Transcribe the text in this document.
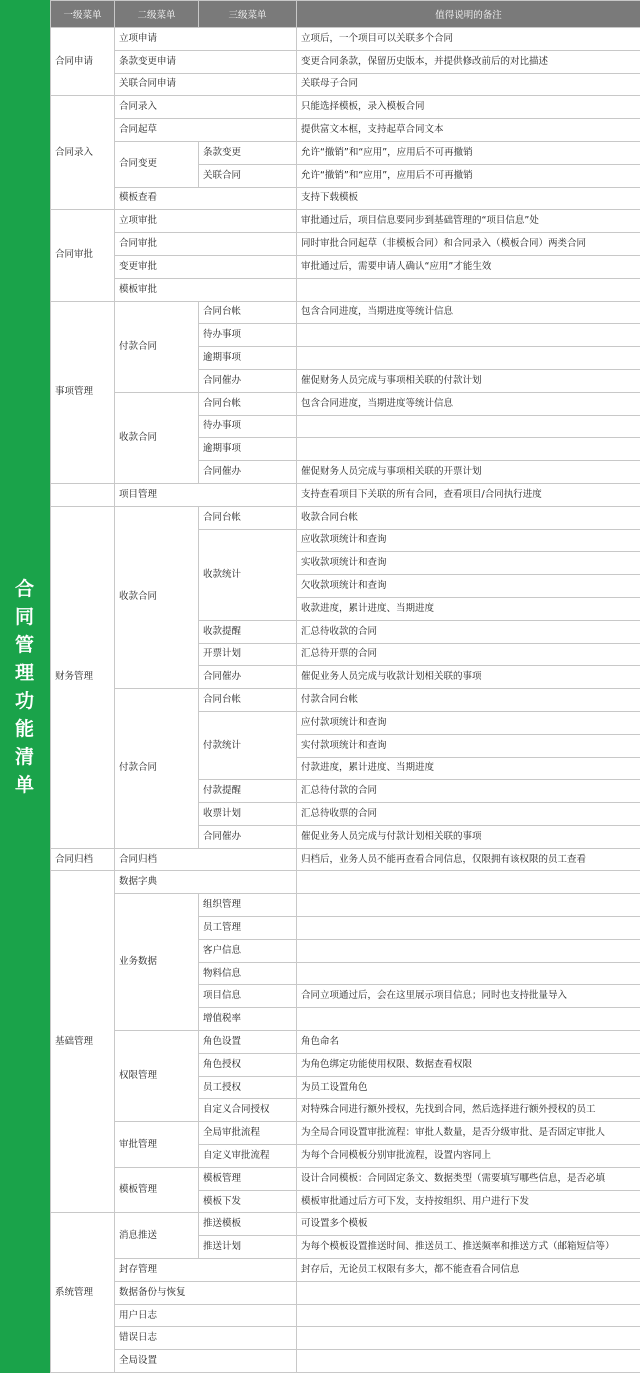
合同管理功能清单
一级菜单	二级菜单	三级菜单	值得说明的备注
合同申请	立项申请		立项后，一个项目可以关联多个合同
	条款变更申请		变更合同条款，保留历史版本，并提供修改前后的对比描述
	关联合同申请		关联母子合同
合同录入	合同录入		只能选择模板，录入模板合同
	合同起草		提供富文本框，支持起草合同文本
	合同变更	条款变更	允许“撤销”和“应用”，应用后不可再撤销
		关联合同	允许“撤销”和“应用”，应用后不可再撤销
	模板查看		支持下载模板
合同审批	立项审批		审批通过后，项目信息要同步到基础管理的“项目信息”处
	合同审批		同时审批合同起草（非模板合同）和合同录入（模板合同）两类合同
	变更审批		审批通过后，需要申请人确认“应用”才能生效
	模板审批		
事项管理	付款合同	合同台帐	包含合同进度，当期进度等统计信息
		待办事项	
		逾期事项	
		合同催办	催促财务人员完成与事项相关联的付款计划
	收款合同	合同台帐	包含合同进度，当期进度等统计信息
		待办事项	
		逾期事项	
		合同催办	催促财务人员完成与事项相关联的开票计划
	项目管理		支持查看项目下关联的所有合同，查看项目/合同执行进度
财务管理	收款合同	合同台帐	收款合同台帐
		收款统计	应收款项统计和查询
			实收款项统计和查询
			欠收款项统计和查询
			收款进度，累计进度、当期进度
		收款提醒	汇总待收款的合同
		开票计划	汇总待开票的合同
		合同催办	催促业务人员完成与收款计划相关联的事项
	付款合同	合同台帐	付款合同台帐
		付款统计	应付款项统计和查询
			实付款项统计和查询
			付款进度，累计进度、当期进度
		付款提醒	汇总待付款的合同
		收票计划	汇总待收票的合同
		合同催办	催促业务人员完成与付款计划相关联的事项
合同归档	合同归档		归档后，业务人员不能再查看合同信息，仅限拥有该权限的员工查看
基础管理	数据字典		
	业务数据	组织管理	
		员工管理	
		客户信息	
		物料信息	
		项目信息	合同立项通过后，会在这里展示项目信息；同时也支持批量导入
		增值税率	
	权限管理	角色设置	角色命名
		角色授权	为角色绑定功能使用权限、数据查看权限
		员工授权	为员工设置角色
		自定义合同授权	对特殊合同进行额外授权，先找到合同，然后选择进行额外授权的员工
	审批管理	全局审批流程	为全局合同设置审批流程：审批人数量，是否分级审批、是否固定审批人
		自定义审批流程	为每个合同模板分别审批流程，设置内容同上
	模板管理	模板管理	设计合同模板：合同固定条文、数据类型（需要填写哪些信息，是否必填
		模板下发	模板审批通过后方可下发，支持按组织、用户进行下发
系统管理	消息推送	推送模板	可设置多个模板
		推送计划	为每个模板设置推送时间、推送员工、推送频率和推送方式（邮箱短信等）
	封存管理		封存后，无论员工权限有多大，都不能查看合同信息
	数据备份与恢复		
	用户日志		
	错误日志		
	全局设置		
